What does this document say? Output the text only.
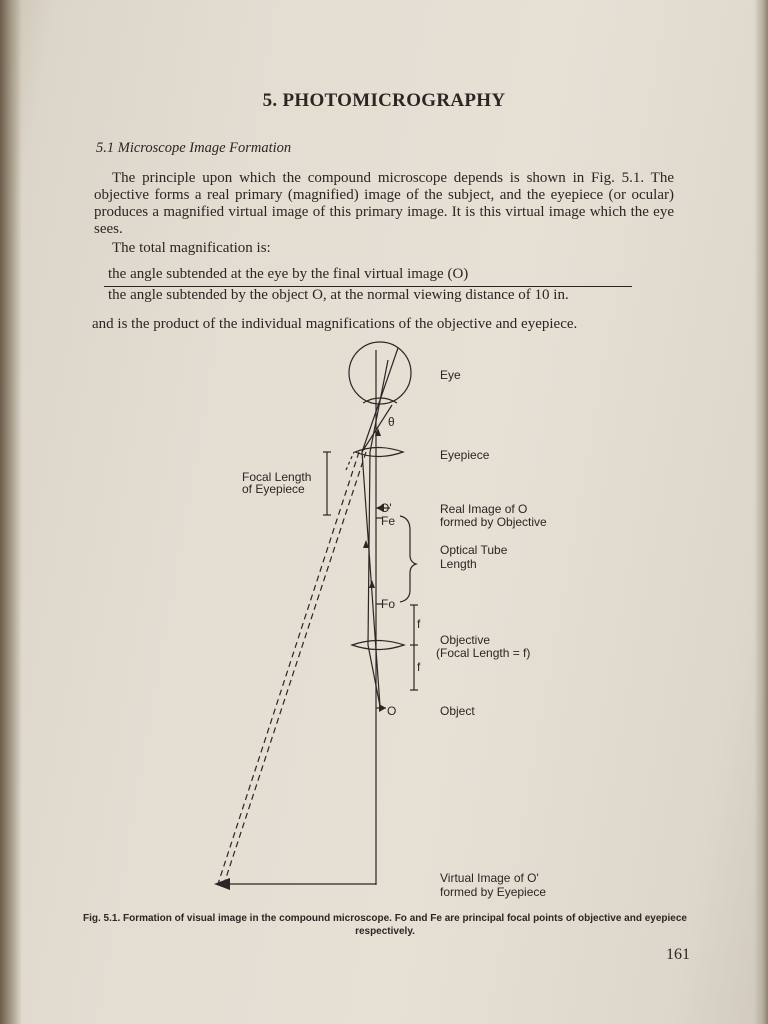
5. PHOTOMICROGRAPHY
5.1 Microscope Image Formation

The principle upon which the compound microscope depends is shown in Fig. 5.1. The objective forms a real primary (magnified) image of the subject, and the eyepiece (or ocular) produces a magnified virtual image of this primary image. It is this virtual image which the eye sees.

The total magnification is:

the angle subtended at the eye by the final virtual image (O)
the angle subtended by the object O, at the normal viewing distance of 10 in.

and is the product of the individual magnifications of the objective and eyepiece.

Eye
θ
Eyepiece
Focal Length
of Eyepiece
O'
Fe
Real Image of O
formed by Objective
Optical Tube
Length
Fo
f
f
Objective
(Focal Length = f)
O	Object
Virtual Image of O'
formed by Eyepiece
Fig. 5.1. Formation of visual image in the compound microscope. Fo and Fe are principal focal points of objective and eyepiece respectively.
161
